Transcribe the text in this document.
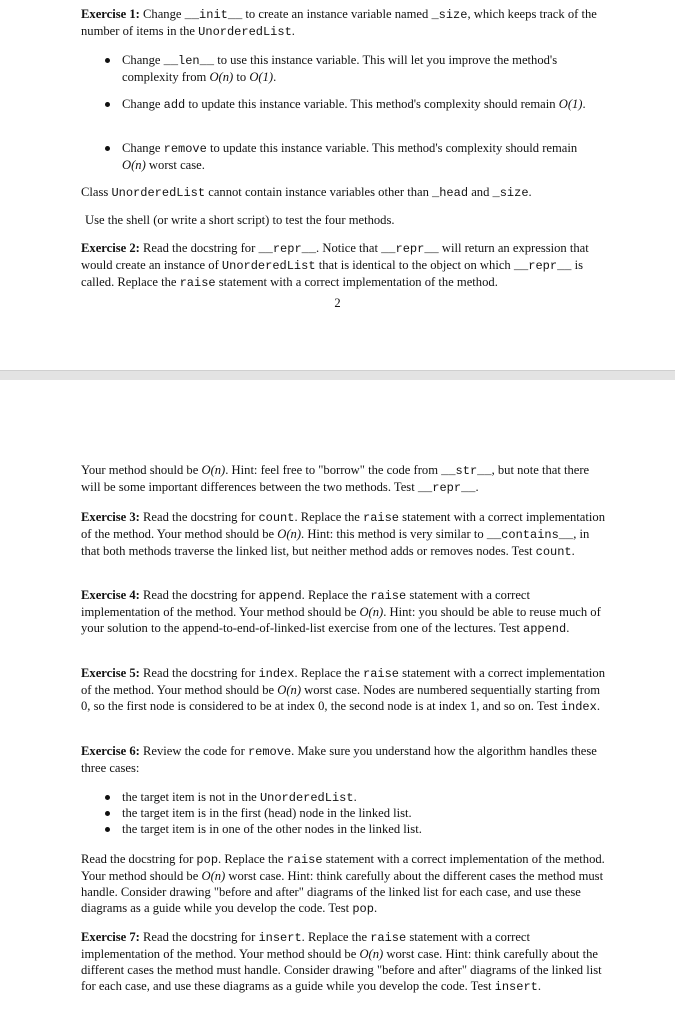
Exercise 1: Change __init__ to create an instance variable named _size, which keeps track of the number of items in the UnorderedList.

Change __len__ to use this instance variable. This will let you improve the method's complexity from O(n) to O(1).
Change add to update this instance variable. This method's complexity should remain O(1).
Change remove to update this instance variable. This method's complexity should remain O(n) worst case.

Class UnorderedList cannot contain instance variables other than _head and _size.

Use the shell (or write a short script) to test the four methods.

Exercise 2: Read the docstring for __repr__. Notice that __repr__ will return an expression that would create an instance of UnorderedList that is identical to the object on which __repr__ is called. Replace the raise statement with a correct implementation of the method.

2

Your method should be O(n). Hint: feel free to "borrow" the code from __str__, but note that there will be some important differences between the two methods. Test __repr__.

Exercise 3: Read the docstring for count. Replace the raise statement with a correct implementation of the method. Your method should be O(n). Hint: this method is very similar to __contains__, in that both methods traverse the linked list, but neither method adds or removes nodes. Test count.

Exercise 4: Read the docstring for append. Replace the raise statement with a correct implementation of the method. Your method should be O(n). Hint: you should be able to reuse much of your solution to the append-to-end-of-linked-list exercise from one of the lectures. Test append.

Exercise 5: Read the docstring for index. Replace the raise statement with a correct implementation of the method. Your method should be O(n) worst case. Nodes are numbered sequentially starting from 0, so the first node is considered to be at index 0, the second node is at index 1, and so on. Test index.

Exercise 6: Review the code for remove. Make sure you understand how the algorithm handles these three cases:

the target item is not in the UnorderedList.
the target item is in the first (head) node in the linked list.
the target item is in one of the other nodes in the linked list.

Read the docstring for pop. Replace the raise statement with a correct implementation of the method. Your method should be O(n) worst case. Hint: think carefully about the different cases the method must handle. Consider drawing "before and after" diagrams of the linked list for each case, and use these diagrams as a guide while you develop the code. Test pop.

Exercise 7: Read the docstring for insert. Replace the raise statement with a correct implementation of the method. Your method should be O(n) worst case. Hint: think carefully about the different cases the method must handle. Consider drawing "before and after" diagrams of the linked list for each case, and use these diagrams as a guide while you develop the code. Test insert.
